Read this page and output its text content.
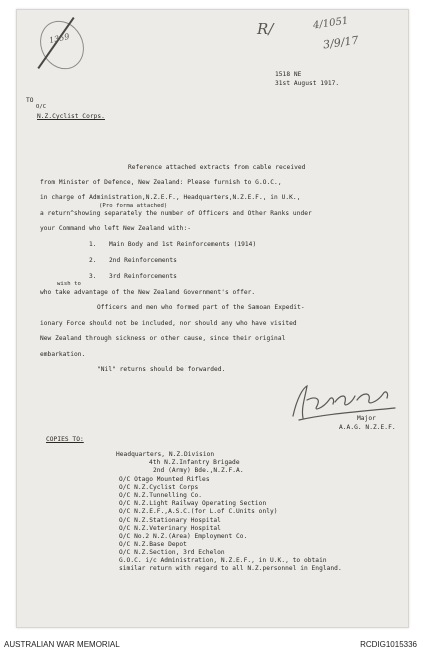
1359
R/	4/1051
3/9/17
1518 NE
31st August 1917.
TO
O/C
N.Z.Cyclist Corps.
Reference attached extracts from cable received
from Minister of Defence, New Zealand: Please furnish to G.O.C.,
in charge of Administration,N.Z.E.F., Headquarters,N.Z.E.F., in U.K.,
(Pro forma attached)
a return^showing separately the number of Officers and Other Ranks under
your Command who left New Zealand with:-
1. Main Body and 1st Reinforcements (1914)
2. 2nd Reinforcements
3. 3rd Reinforcements
wish to
who take advantage of the New Zealand Government's offer.
Officers and men who formed part of the Samoan Expedit-
ionary Force should not be included, nor should any who have visited
New Zealand through sickness or other cause, since their original
embarkation.
"Nil" returns should be forwarded.
Major
A.A.G. N.Z.E.F.
COPIES TO:
Headquarters, N.Z.Division
4th N.Z.Infantry Brigade
2nd (Army) Bde.,N.Z.F.A.
O/C Otago Mounted Rifles
O/C N.Z.Cyclist Corps
O/C N.Z.Tunnelling Co.
O/C N.Z.Light Railway Operating Section
O/C N.Z.E.F.,A.S.C.(for L.of C.Units only)
O/C N.Z.Stationary Hospital
O/C N.Z.Veterinary Hospital
O/C No.2 N.Z.(Area) Employment Co.
O/C N.Z.Base Depot
O/C N.Z.Section, 3rd Echelon
G.O.C. i/c Administration, N.Z.E.F., in U.K., to obtain
similar return with regard to all N.Z.personnel in England.
AUSTRALIAN WAR MEMORIAL	RCDIG1015336
